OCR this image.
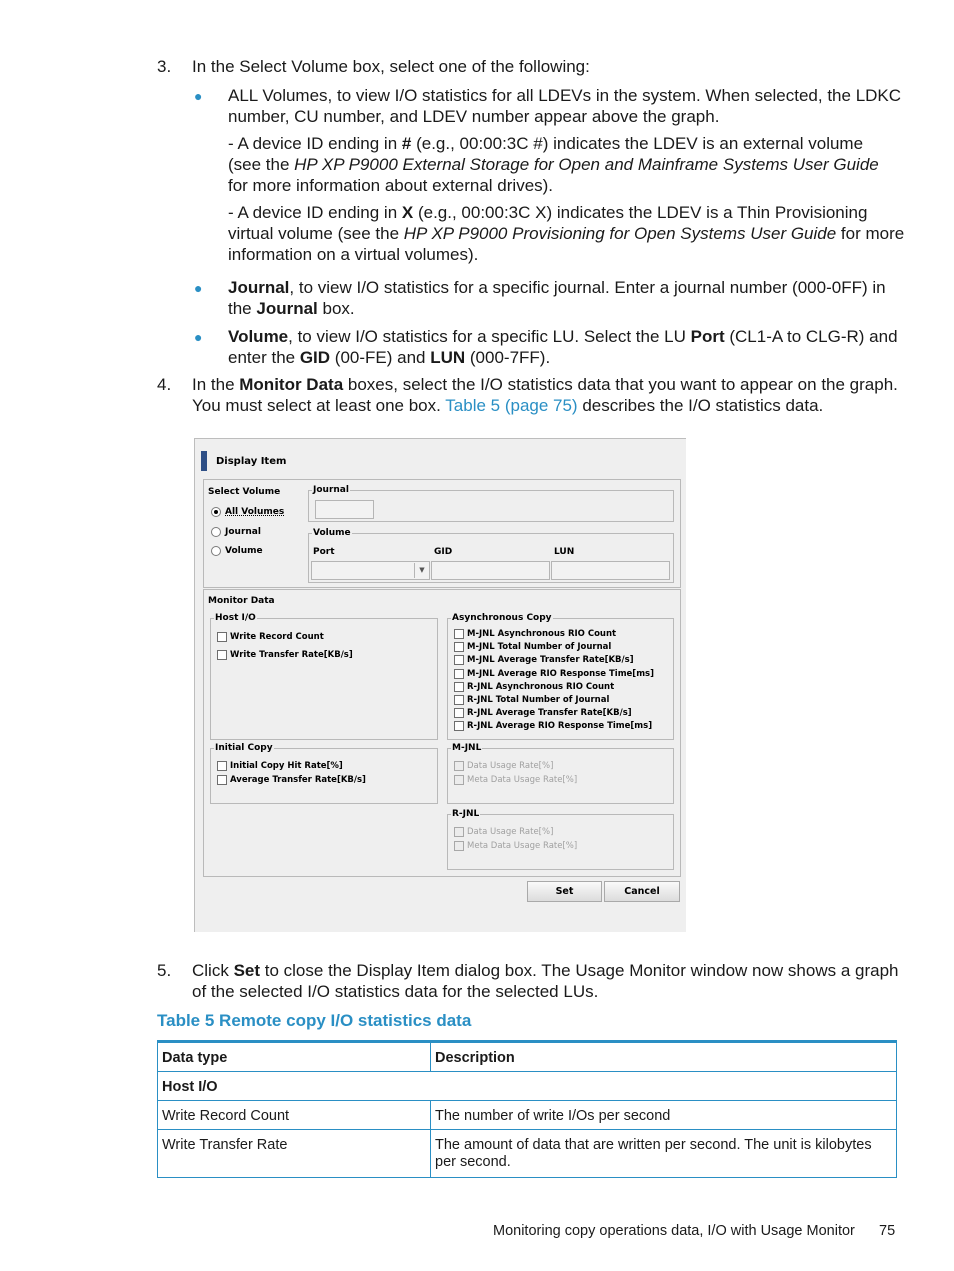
3. In the Select Volume box, select one of the following:
● ALL Volumes, to view I/O statistics for all LDEVs in the system. When selected, the LDKC
number, CU number, and LDEV number appear above the graph.
- A device ID ending in # (e.g., 00:00:3C #) indicates the LDEV is an external volume
(see the HP XP P9000 External Storage for Open and Mainframe Systems User Guide
for more information about external drives).
- A device ID ending in X (e.g., 00:00:3C X) indicates the LDEV is a Thin Provisioning
virtual volume (see the HP XP P9000 Provisioning for Open Systems User Guide for more
information on a virtual volumes).
● Journal, to view I/O statistics for a specific journal. Enter a journal number (000-0FF) in
the Journal box.
● Volume, to view I/O statistics for a specific LU. Select the LU Port (CL1-A to CLG-R) and
enter the GID (00-FE) and LUN (000-7FF).
4. In the Monitor Data boxes, select the I/O statistics data that you want to appear on the graph.
You must select at least one box. Table 5 (page 75) describes the I/O statistics data.
Display Item
Select Volume
All Volumes
Journal
Volume
Journal
Volume
Port	GID	LUN
▼
Monitor Data
Host I/O
Write Record Count
Write Transfer Rate[KB/s]
Asynchronous Copy
Initial Copy
Initial Copy Hit Rate[%]
Average Transfer Rate[KB/s]
M-JNL
Data Usage Rate[%]
Meta Data Usage Rate[%]
R-JNL
Data Usage Rate[%]
Meta Data Usage Rate[%]
Set	Cancel
M-JNL Asynchronous RIO Count
M-JNL Total Number of Journal
M-JNL Average Transfer Rate[KB/s]
M-JNL Average RIO Response Time[ms]
R-JNL Asynchronous RIO Count
R-JNL Total Number of Journal
R-JNL Average Transfer Rate[KB/s]
R-JNL Average RIO Response Time[ms]
5. Click Set to close the Display Item dialog box. The Usage Monitor window now shows a graph
of the selected I/O statistics data for the selected LUs.
Table 5 Remote copy I/O statistics data
Data type	Description
Host I/O	
Write Record Count	The number of write I/Os per second
Write Transfer Rate	The amount of data that are written per second. The unit is kilobytes per second.
Monitoring copy operations data, I/O with Usage Monitor 75
